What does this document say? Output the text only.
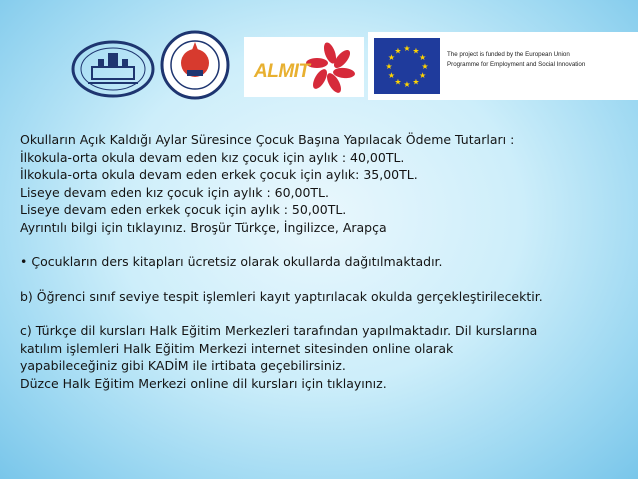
ALMIT
★ ★
★
★
★
★
★
★
★
★
★
★	The project is funded by the European Union
Programme for Employment and Social Innovation
Okulların Açık Kaldığı Aylar Süresince Çocuk Başına Yapılacak Ödeme Tutarları :
İlkokula-orta okula devam eden kız çocuk için aylık : 40,00TL.
İlkokula-orta okula devam eden erkek çocuk için aylık: 35,00TL.
Liseye devam eden kız çocuk için aylık : 60,00TL.
Liseye devam eden erkek çocuk için aylık : 50,00TL.
Ayrıntılı bilgi için tıklayınız. Broşür Türkçe, İngilizce, Arapça
• Çocukların ders kitapları ücretsiz olarak okullarda dağıtılmaktadır.
b) Öğrenci sınıf seviye tespit işlemleri kayıt yaptırılacak okulda gerçekleştirilecektir.
c) Türkçe dil kursları Halk Eğitim Merkezleri tarafından yapılmaktadır. Dil kurslarına
katılım işlemleri Halk Eğitim Merkezi internet sitesinden online olarak
yapabileceğiniz gibi KADİM ile irtibata geçebilirsiniz.
Düzce Halk Eğitim Merkezi online dil kursları için tıklayınız.
